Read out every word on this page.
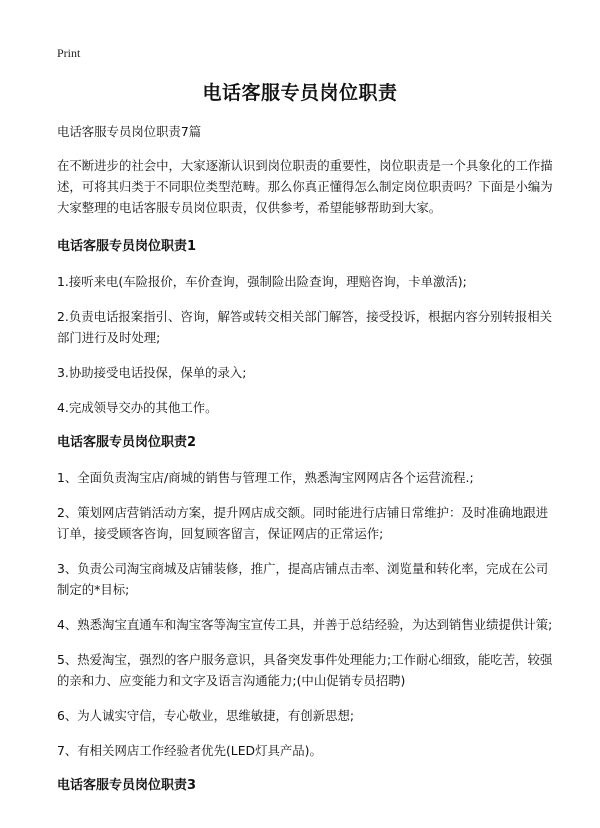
Print
电话客服专员岗位职责
电话客服专员岗位职责7篇
在不断进步的社会中，大家逐渐认识到岗位职责的重要性，岗位职责是一个具象化的工作描述，可将其归类于不同职位类型范畴。那么你真正懂得怎么制定岗位职责吗？下面是小编为大家整理的电话客服专员岗位职责，仅供参考，希望能够帮助到大家。
电话客服专员岗位职责1
1.接听来电(车险报价，车价查询，强制险出险查询，理赔咨询，卡单激活);
2.负责电话报案指引、咨询，解答或转交相关部门解答，接受投诉，根据内容分别转报相关部门进行及时处理;
3.协助接受电话投保，保单的录入;
4.完成领导交办的其他工作。
电话客服专员岗位职责2
1、全面负责淘宝店/商城的销售与管理工作，熟悉淘宝网网店各个运营流程.;
2、策划网店营销活动方案，提升网店成交额。同时能进行店铺日常维护：及时准确地跟进订单，接受顾客咨询，回复顾客留言，保证网店的正常运作;
3、负责公司淘宝商城及店铺装修，推广，提高店铺点击率、浏览量和转化率，完成在公司制定的*目标;
4、熟悉淘宝直通车和淘宝客等淘宝宣传工具，并善于总结经验，为达到销售业绩提供计策;
5、热爱淘宝，强烈的客户服务意识，具备突发事件处理能力;工作耐心细致，能吃苦，较强的亲和力、应变能力和文字及语言沟通能力;(中山促销专员招聘)
6、为人诚实守信，专心敬业，思维敏捷，有创新思想;
7、有相关网店工作经验者优先(LED灯具产品)。
电话客服专员岗位职责3
